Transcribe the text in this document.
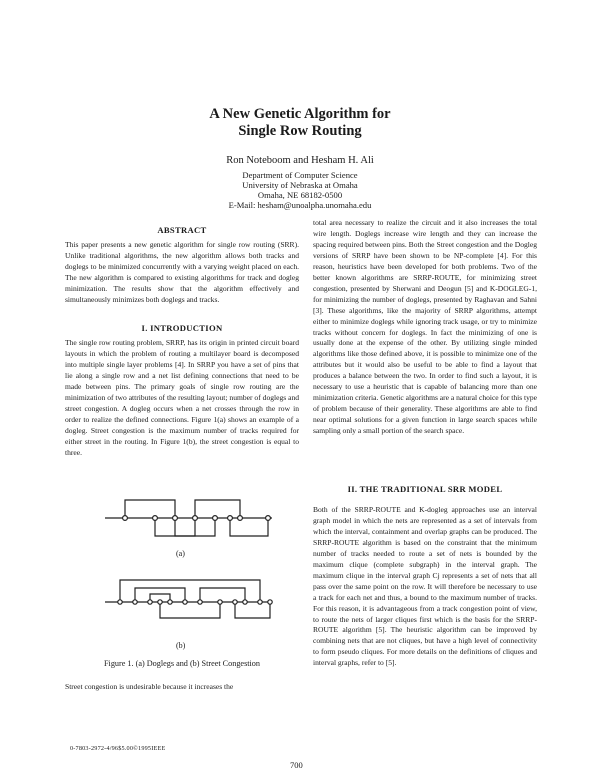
A New Genetic Algorithm for
Single Row Routing
Ron Noteboom and Hesham H. Ali
Department of Computer Science
University of Nebraska at Omaha
Omaha, NE 68182-0500
E-Mail: hesham@unoalpha.unomaha.edu
ABSTRACT

This paper presents a new genetic algorithm for single row routing (SRR). Unlike traditional algorithms, the new algorithm allows both tracks and doglegs to be minimized concurrently with a varying weight placed on each. The new algorithm is compared to existing algorithms for track and dogleg minimization. The results show that the algorithm effectively and simultaneously minimizes both doglegs and tracks.

I. INTRODUCTION

The single row routing problem, SRRP, has its origin in printed circuit board layouts in which the problem of routing a multilayer board is decomposed into multiple single layer problems [4]. In SRRP you have a set of pins that lie along a single row and a net list defining connections that need to be made between pins. The primary goals of single row routing are the minimization of two attributes of the resulting layout; number of doglegs and street congestion. A dogleg occurs when a net crosses through the row in order to realize the defined connections. Figure 1(a) shows an example of a dogleg. Street congestion is the maximum number of tracks required for either street in the routing. In Figure 1(b), the street congestion is equal to three.

(a)
(b)
Figure 1. (a) Doglegs and (b) Street Congestion

Street congestion is undesirable because it increases the

total area necessary to realize the circuit and it also increases the total wire length. Doglegs increase wire length and they can increase the spacing required between pins. Both the Street congestion and the Dogleg versions of SRRP have been shown to be NP-complete [4]. For this reason, heuristics have been developed for both problems. Two of the better known algorithms are SRRP-ROUTE, for minimizing street congestion, presented by Sherwani and Deogun [5] and K-DOGLEG-1, for minimizing the number of doglegs, presented by Raghavan and Sahni [3]. These algorithms, like the majority of SRRP algorithms, attempt either to minimize doglegs while ignoring track usage, or try to minimize tracks without concern for doglegs. In fact the minimizing of one is usually done at the expense of the other. By utilizing single minded algorithms like those defined above, it is possible to minimize one of the attributes but it would also be useful to be able to find a layout that produces a balance between the two. In order to find such a layout, it is necessary to use a heuristic that is capable of balancing more than one minimization criteria. Genetic algorithms are a natural choice for this type of problem because of their generality. These algorithms are able to find near optimal solutions for a given function in large search spaces while sampling only a small portion of the search space.

II. THE TRADITIONAL SRR MODEL

Both of the SRRP-ROUTE and K-dogleg approaches use an interval graph model in which the nets are represented as a set of intervals from which the interval, containment and overlap graphs can be produced. The SRRP-ROUTE algorithm is based on the constraint that the minimum number of tracks needed to route a set of nets is bounded by the maximum clique (complete subgraph) in the interval graph. The maximum clique in the interval graph Cj represents a set of nets that all pass over the same point on the row. It will therefore be necessary to use a track for each net and thus, a bound to the maximum number of tracks. For this reason, it is advantageous from a track congestion point of view, to route the nets of larger cliques first which is the basis for the SRRP-ROUTE algorithm [5]. The heuristic algorithm can be improved by combining nets that are not cliques, but have a high level of connectivity to form pseudo cliques. For more details on the definitions of cliques and interval graphs, refer to [5].

0-7803-2972-4/96$5.00©1995IEEE
700
